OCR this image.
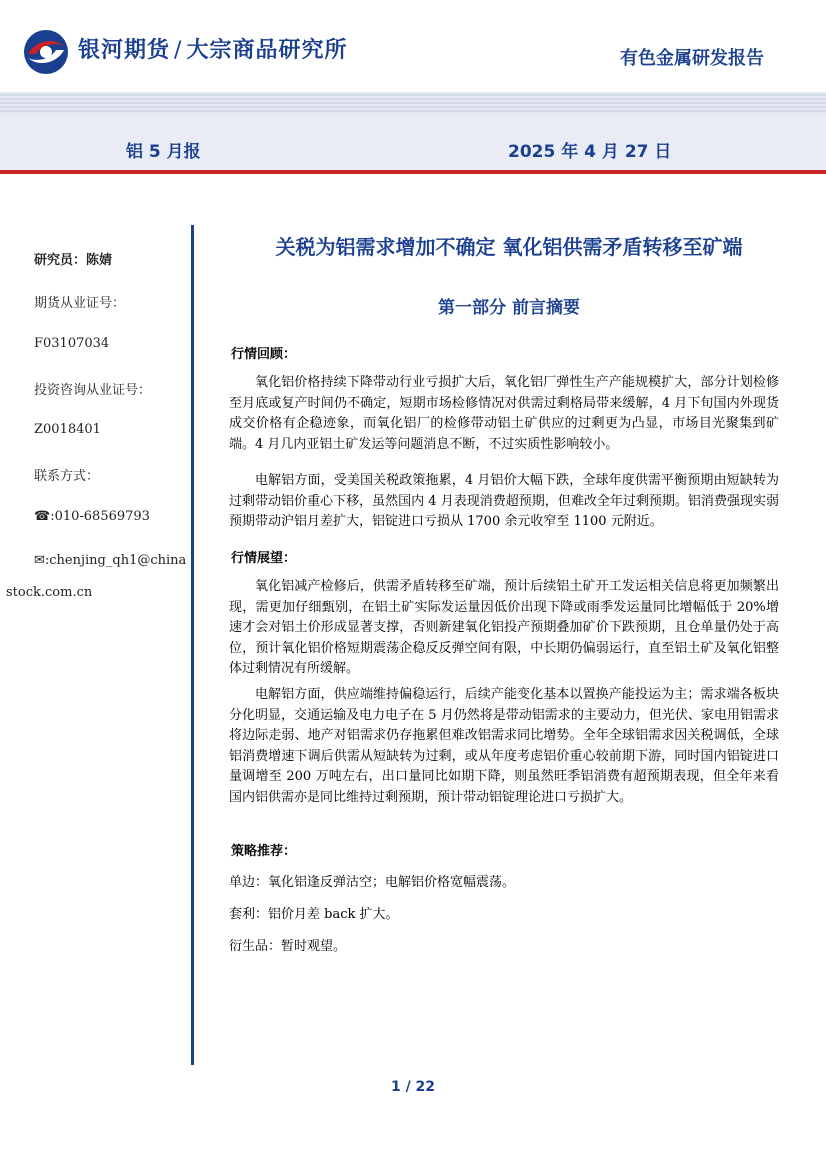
银河期货 / 大宗商品研究所	有色金属研发报告
铝 5 月报	2025 年 4 月 27 日
研究员：陈婧
期货从业证号：
F03107034
投资咨询从业证号：
Z0018401
联系方式：
☎:010-68569793
✉:chenjing_qh1@china
stock.com.cn
关税为铝需求增加不确定 氧化铝供需矛盾转移至矿端
第一部分 前言摘要
行情回顾：
氧化铝价格持续下降带动行业亏损扩大后，氧化铝厂弹性生产产能规模扩大，部分计划检修至月底或复产时间仍不确定，短期市场检修情况对供需过剩格局带来缓解，4 月下旬国内外现货成交价格有企稳迹象，而氧化铝厂的检修带动铝土矿供应的过剩更为凸显，市场目光聚集到矿端。4 月几内亚铝土矿发运等问题消息不断，不过实质性影响较小。
电解铝方面，受美国关税政策拖累，4 月铝价大幅下跌，全球年度供需平衡预期由短缺转为过剩带动铝价重心下移，虽然国内 4 月表现消费超预期，但难改全年过剩预期。铝消费强现实弱预期带动沪铝月差扩大，铝锭进口亏损从 1700 余元收窄至 1100 元附近。
行情展望：
氧化铝减产检修后，供需矛盾转移至矿端，预计后续铝土矿开工发运相关信息将更加频繁出现，需更加仔细甄别，在铝土矿实际发运量因低价出现下降或雨季发运量同比增幅低于 20%增速才会对铝土价形成显著支撑，否则新建氧化铝投产预期叠加矿价下跌预期，且仓单量仍处于高位，预计氧化铝价格短期震荡企稳反反弹空间有限，中长期仍偏弱运行，直至铝土矿及氧化铝整体过剩情况有所缓解。
电解铝方面，供应端维持偏稳运行，后续产能变化基本以置换产能投运为主；需求端各板块分化明显，交通运输及电力电子在 5 月仍然将是带动铝需求的主要动力，但光伏、家电用铝需求将边际走弱、地产对铝需求仍存拖累但难改铝需求同比增势。全年全球铝需求因关税调低，全球铝消费增速下调后供需从短缺转为过剩，或从年度考虑铝价重心较前期下游，同时国内铝锭进口量调增至 200 万吨左右，出口量同比如期下降，则虽然旺季铝消费有超预期表现，但全年来看国内铝供需亦是同比维持过剩预期，预计带动铝锭理论进口亏损扩大。
策略推荐：
单边：氧化铝逢反弹沽空；电解铝价格宽幅震荡。
套利：铝价月差 back 扩大。
衍生品：暂时观望。
1 / 22
